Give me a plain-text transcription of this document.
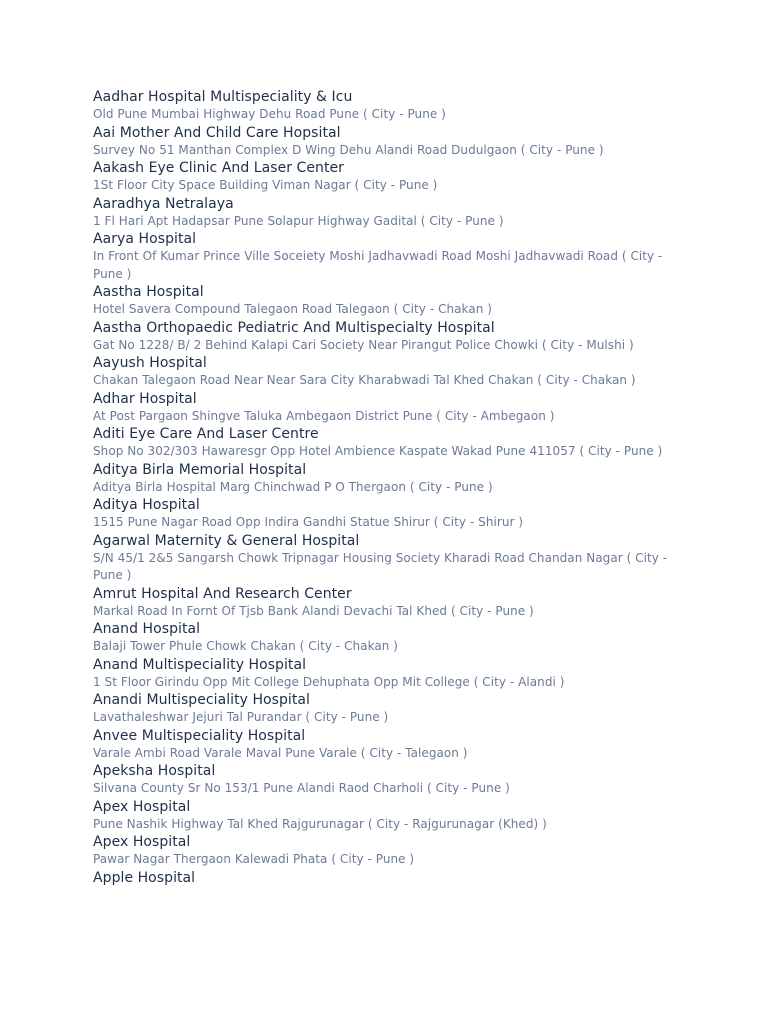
Aadhar Hospital Multispeciality & Icu
Old Pune Mumbai Highway Dehu Road Pune ( City - Pune )
Aai Mother And Child Care Hopsital
Survey No 51 Manthan Complex D Wing Dehu Alandi Road Dudulgaon ( City - Pune )
Aakash Eye Clinic And Laser Center
1St Floor City Space Building Viman Nagar ( City - Pune )
Aaradhya Netralaya
1 Fl Hari Apt Hadapsar Pune Solapur Highway Gadital ( City - Pune )
Aarya Hospital
In Front Of Kumar Prince Ville Soceiety Moshi Jadhavwadi Road Moshi Jadhavwadi Road ( City - Pune )
Aastha Hospital
Hotel Savera Compound Talegaon Road Talegaon ( City - Chakan )
Aastha Orthopaedic Pediatric And Multispecialty Hospital
Gat No 1228/ B/ 2 Behind Kalapi Cari Society Near Pirangut Police Chowki ( City - Mulshi )
Aayush Hospital
Chakan Talegaon Road Near Near Sara City Kharabwadi Tal Khed Chakan ( City - Chakan )
Adhar Hospital
At Post Pargaon Shingve Taluka Ambegaon District Pune ( City - Ambegaon )
Aditi Eye Care And Laser Centre
Shop No 302/303 Hawaresgr Opp Hotel Ambience Kaspate Wakad Pune 411057 ( City - Pune )
Aditya Birla Memorial Hospital
Aditya Birla Hospital Marg Chinchwad P O Thergaon ( City - Pune )
Aditya Hospital
1515 Pune Nagar Road Opp Indira Gandhi Statue Shirur ( City - Shirur )
Agarwal Maternity & General Hospital
S/N 45/1 2&5 Sangarsh Chowk Tripnagar Housing Society Kharadi Road Chandan Nagar ( City - Pune )
Amrut Hospital And Research Center
Markal Road In Fornt Of Tjsb Bank Alandi Devachi Tal Khed ( City - Pune )
Anand Hospital
Balaji Tower Phule Chowk Chakan ( City - Chakan )
Anand Multispeciality Hospital
1 St Floor Girindu Opp Mit College Dehuphata Opp Mit College ( City - Alandi )
Anandi Multispeciality Hospital
Lavathaleshwar Jejuri Tal Purandar ( City - Pune )
Anvee Multispeciality Hospital
Varale Ambi Road Varale Maval Pune Varale ( City - Talegaon )
Apeksha Hospital
Silvana County Sr No 153/1 Pune Alandi Raod Charholi ( City - Pune )
Apex Hospital
Pune Nashik Highway Tal Khed Rajgurunagar ( City - Rajgurunagar (Khed) )
Apex Hospital
Pawar Nagar Thergaon Kalewadi Phata ( City - Pune )
Apple Hospital
